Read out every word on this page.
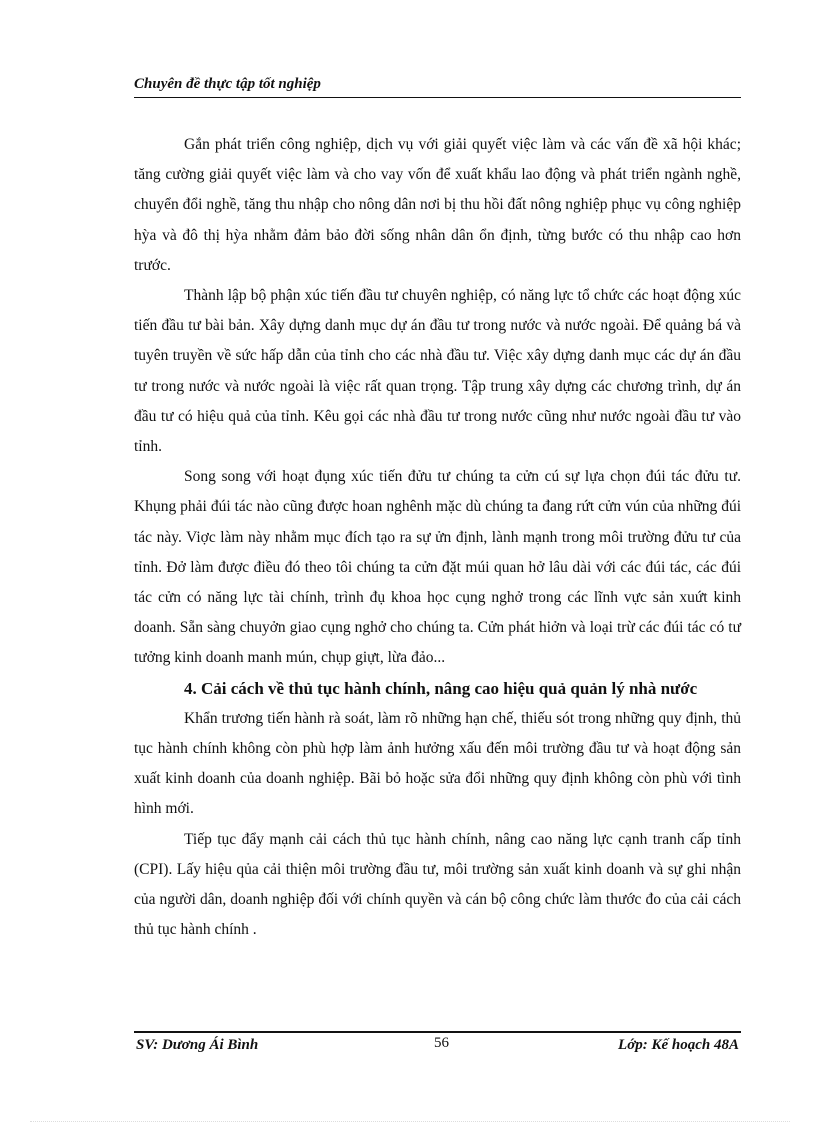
Chuyên đề thực tập tốt nghiệp

Gắn phát triển công nghiệp, dịch vụ với giải quyết việc làm và các vấn đề xã hội khác; tăng cường giải quyết việc làm và cho vay vốn để xuất khẩu lao động và phát triển ngành nghề, chuyển đổi nghề, tăng thu nhập cho nông dân nơi bị thu hồi đất nông nghiệp phục vụ công nghiệp hỳa và đô thị hỳa nhằm đảm bảo đời sống nhân dân ổn định, từng bước có thu nhập cao hơn trước.

Thành lập bộ phận xúc tiến đầu tư chuyên nghiệp, có năng lực tổ chức các hoạt động xúc tiến đầu tư bài bản. Xây dựng danh mục dự án đầu tư trong nước và nước ngoài. Để quảng bá và tuyên truyền về sức hấp dẫn của tỉnh cho các nhà đầu tư. Việc xây dựng danh mục các dự án đầu tư trong nước và nước ngoài là việc rất quan trọng. Tập trung xây dựng các chương trình, dự án đầu tư có hiệu quả của tỉnh. Kêu gọi các nhà đầu tư trong nước cũng như nước ngoài đầu tư vào tỉnh.

Song song với hoạt đụng xúc tiến đửu tư chúng ta cửn cú sự lựa chọn đúi tác đửu tư. Khụng phải đúi tác nào cũng được hoan nghênh mặc dù chúng ta đang rứt cửn vún của những đúi tác này. Viợc làm này nhằm mục đích tạo ra sự ửn định, lành mạnh trong môi trường đửu tư của tỉnh. Đở làm được điều đó theo tôi chúng ta cửn đặt múi quan hở lâu dài với các đúi tác, các đúi tác cửn có năng lực tài chính, trình đụ khoa học cụng nghở trong các lĩnh vực sản xuứt kinh doanh. Sẵn sàng chuyởn giao cụng nghở cho chúng ta. Cửn phát hiởn và loại trừ các đúi tác có tư tưởng kinh doanh manh mún, chụp giựt, lừa đảo...

4. Cải cách về thủ tục hành chính, nâng cao hiệu quả quản lý nhà nước

Khẩn trương tiến hành rà soát, làm rõ những hạn chế, thiếu sót trong những quy định, thủ tục hành chính không còn phù hợp làm ảnh hưởng xấu đến môi trường đầu tư và hoạt động sản xuất kinh doanh của doanh nghiệp. Bãi bỏ hoặc sửa đổi những quy định không còn phù với tình hình mới.

Tiếp tục đẩy mạnh cải cách thủ tục hành chính, nâng cao năng lực cạnh tranh cấp tỉnh (CPI). Lấy hiệu qủa cải thiện môi trường đầu tư, môi trường sản xuất kinh doanh và sự ghi nhận của người dân, doanh nghiệp đối với chính quyền và cán bộ công chức làm thước đo của cải cách thủ tục hành chính .

SV: Dương Ái Bình	56	Lớp: Kế hoạch 48A
